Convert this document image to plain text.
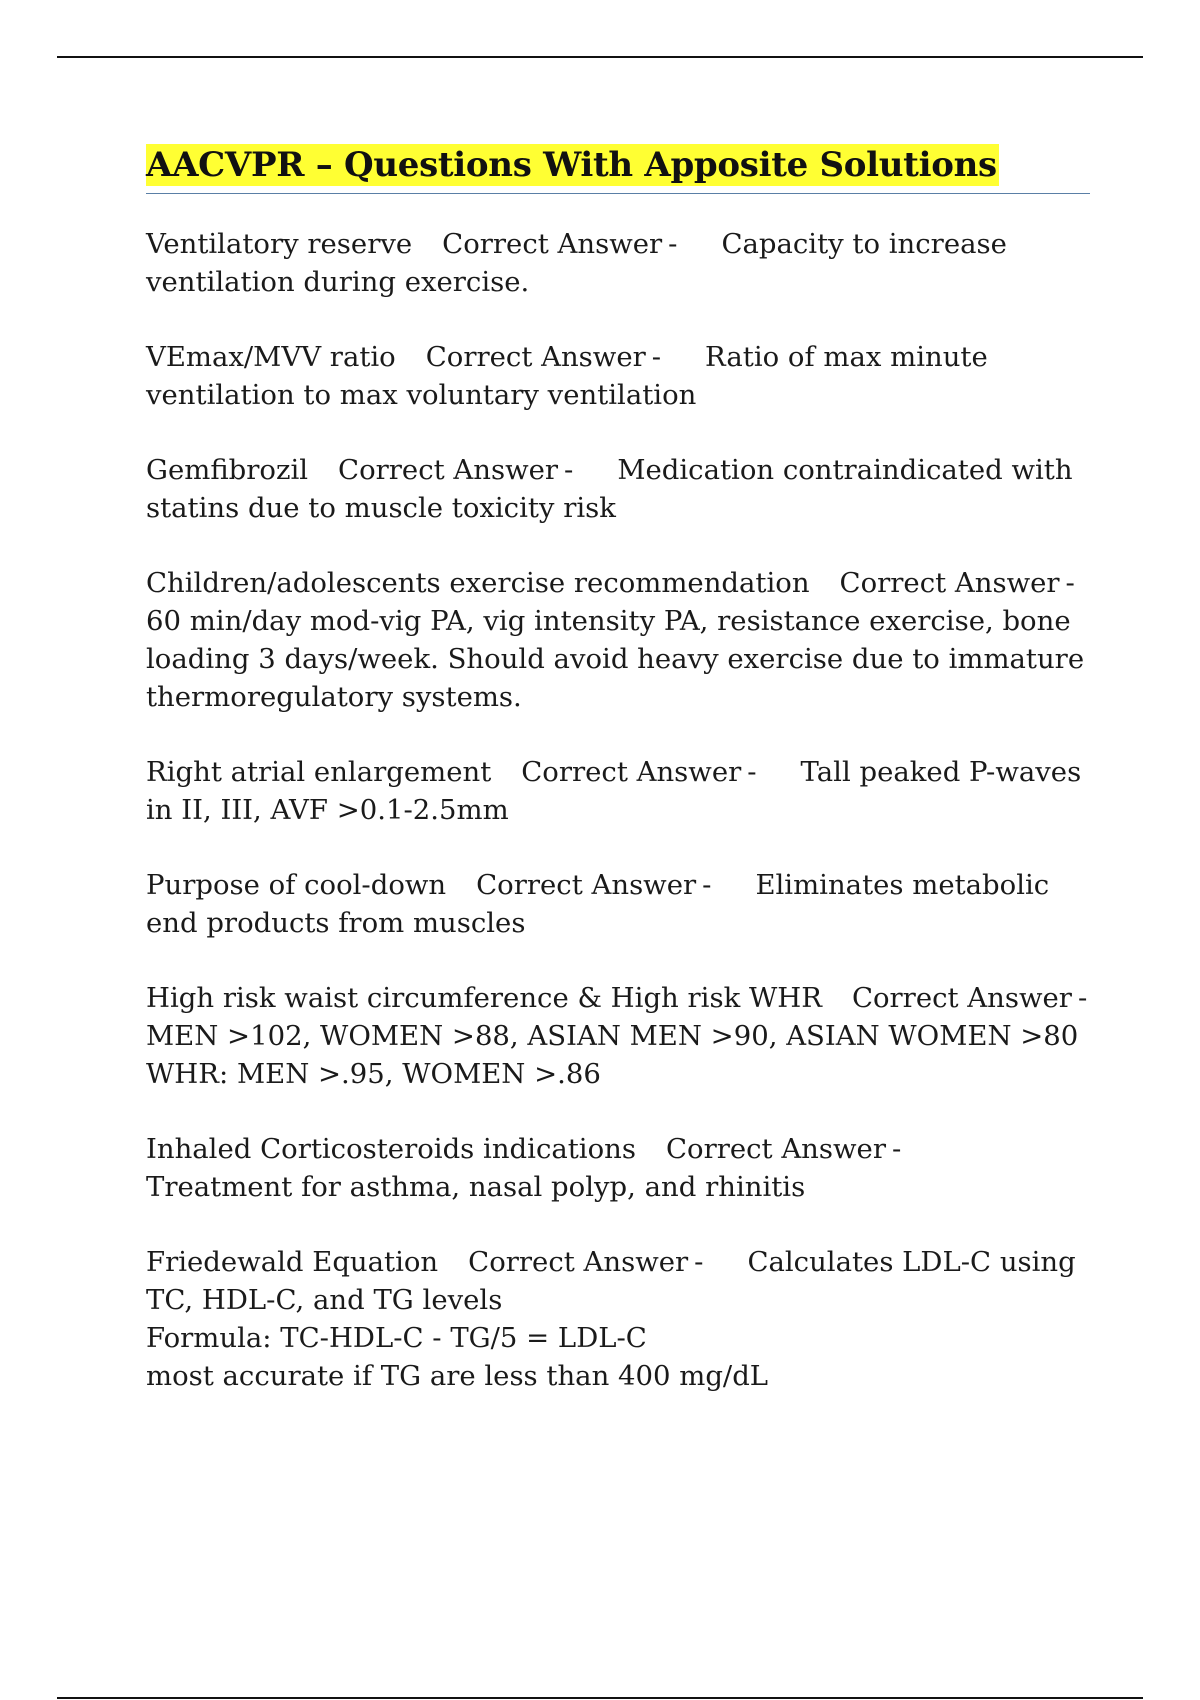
AACVPR – Questions With Apposite Solutions

Ventilatory reserve Correct Answer - Capacity to increase ventilation during exercise.

VEmax/MVV ratio Correct Answer - Ratio of max minute ventilation to max voluntary ventilation

Gemfibrozil Correct Answer - Medication contraindicated with statins due to muscle toxicity risk

Children/adolescents exercise recommendation Correct Answer -
60 min/day mod-vig PA, vig intensity PA, resistance exercise, bone loading 3 days/week. Should avoid heavy exercise due to immature thermoregulatory systems.

Right atrial enlargement Correct Answer - Tall peaked P-waves in II, III, AVF >0.1-2.5mm

Purpose of cool-down Correct Answer - Eliminates metabolic end products from muscles

High risk waist circumference & High risk WHR Correct Answer -
MEN >102, WOMEN >88, ASIAN MEN >90, ASIAN WOMEN >80
WHR: MEN >.95, WOMEN >.86

Inhaled Corticosteroids indications Correct Answer -
Treatment for asthma, nasal polyp, and rhinitis

Friedewald Equation Correct Answer - Calculates LDL-C using TC, HDL-C, and TG levels
Formula: TC-HDL-C - TG/5 = LDL-C
most accurate if TG are less than 400 mg/dL
